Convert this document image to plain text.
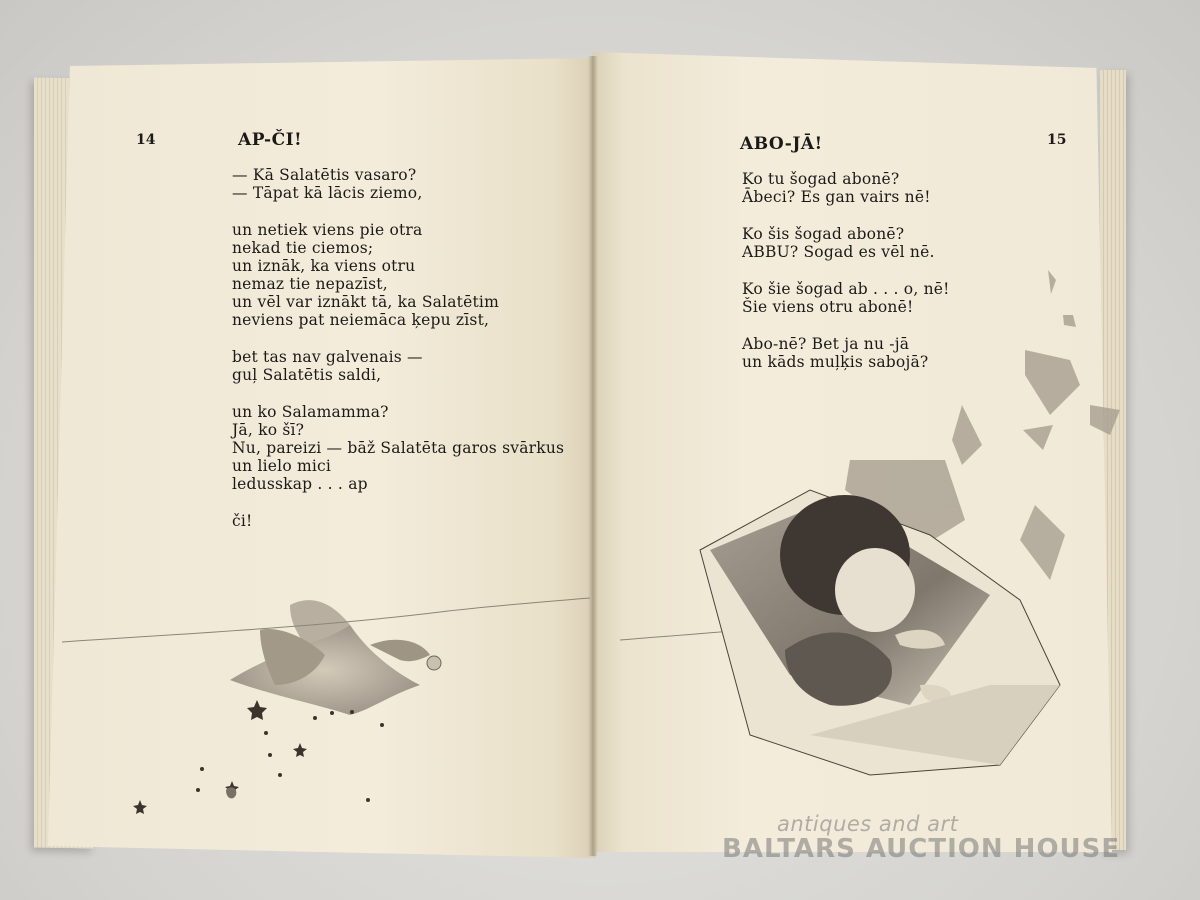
14	AP-ČI!
— Kā Salatētis vasaro?
— Tāpat kā lācis ziemo,
un netiek viens pie otra
nekad tie ciemos;
un iznāk, ka viens otru
nemaz tie nepazīst,
un vēl var iznākt tā, ka Salatētim
neviens pat neiemāca ķepu zīst,
bet tas nav galvenais —
guļ Salatētis saldi,
un ko Salamamma?
Jā, ko šī?
Nu, pareizi — bāž Salatēta garos svārkus
un lielo mici
ledusskap . . . ap
či!
15
ABO-JĀ!
Ko tu šogad abonē?
Ābeci? Es gan vairs nē!
Ko šis šogad abonē?
ABBU? Sogad es vēl nē.
Ko šie šogad ab . . . o, nē!
Šie viens otru abonē!
Abo-nē? Bet ja nu -jā
un kāds muļķis sabojā?
antiques and art
BALTARS AUCTION HOUSE
